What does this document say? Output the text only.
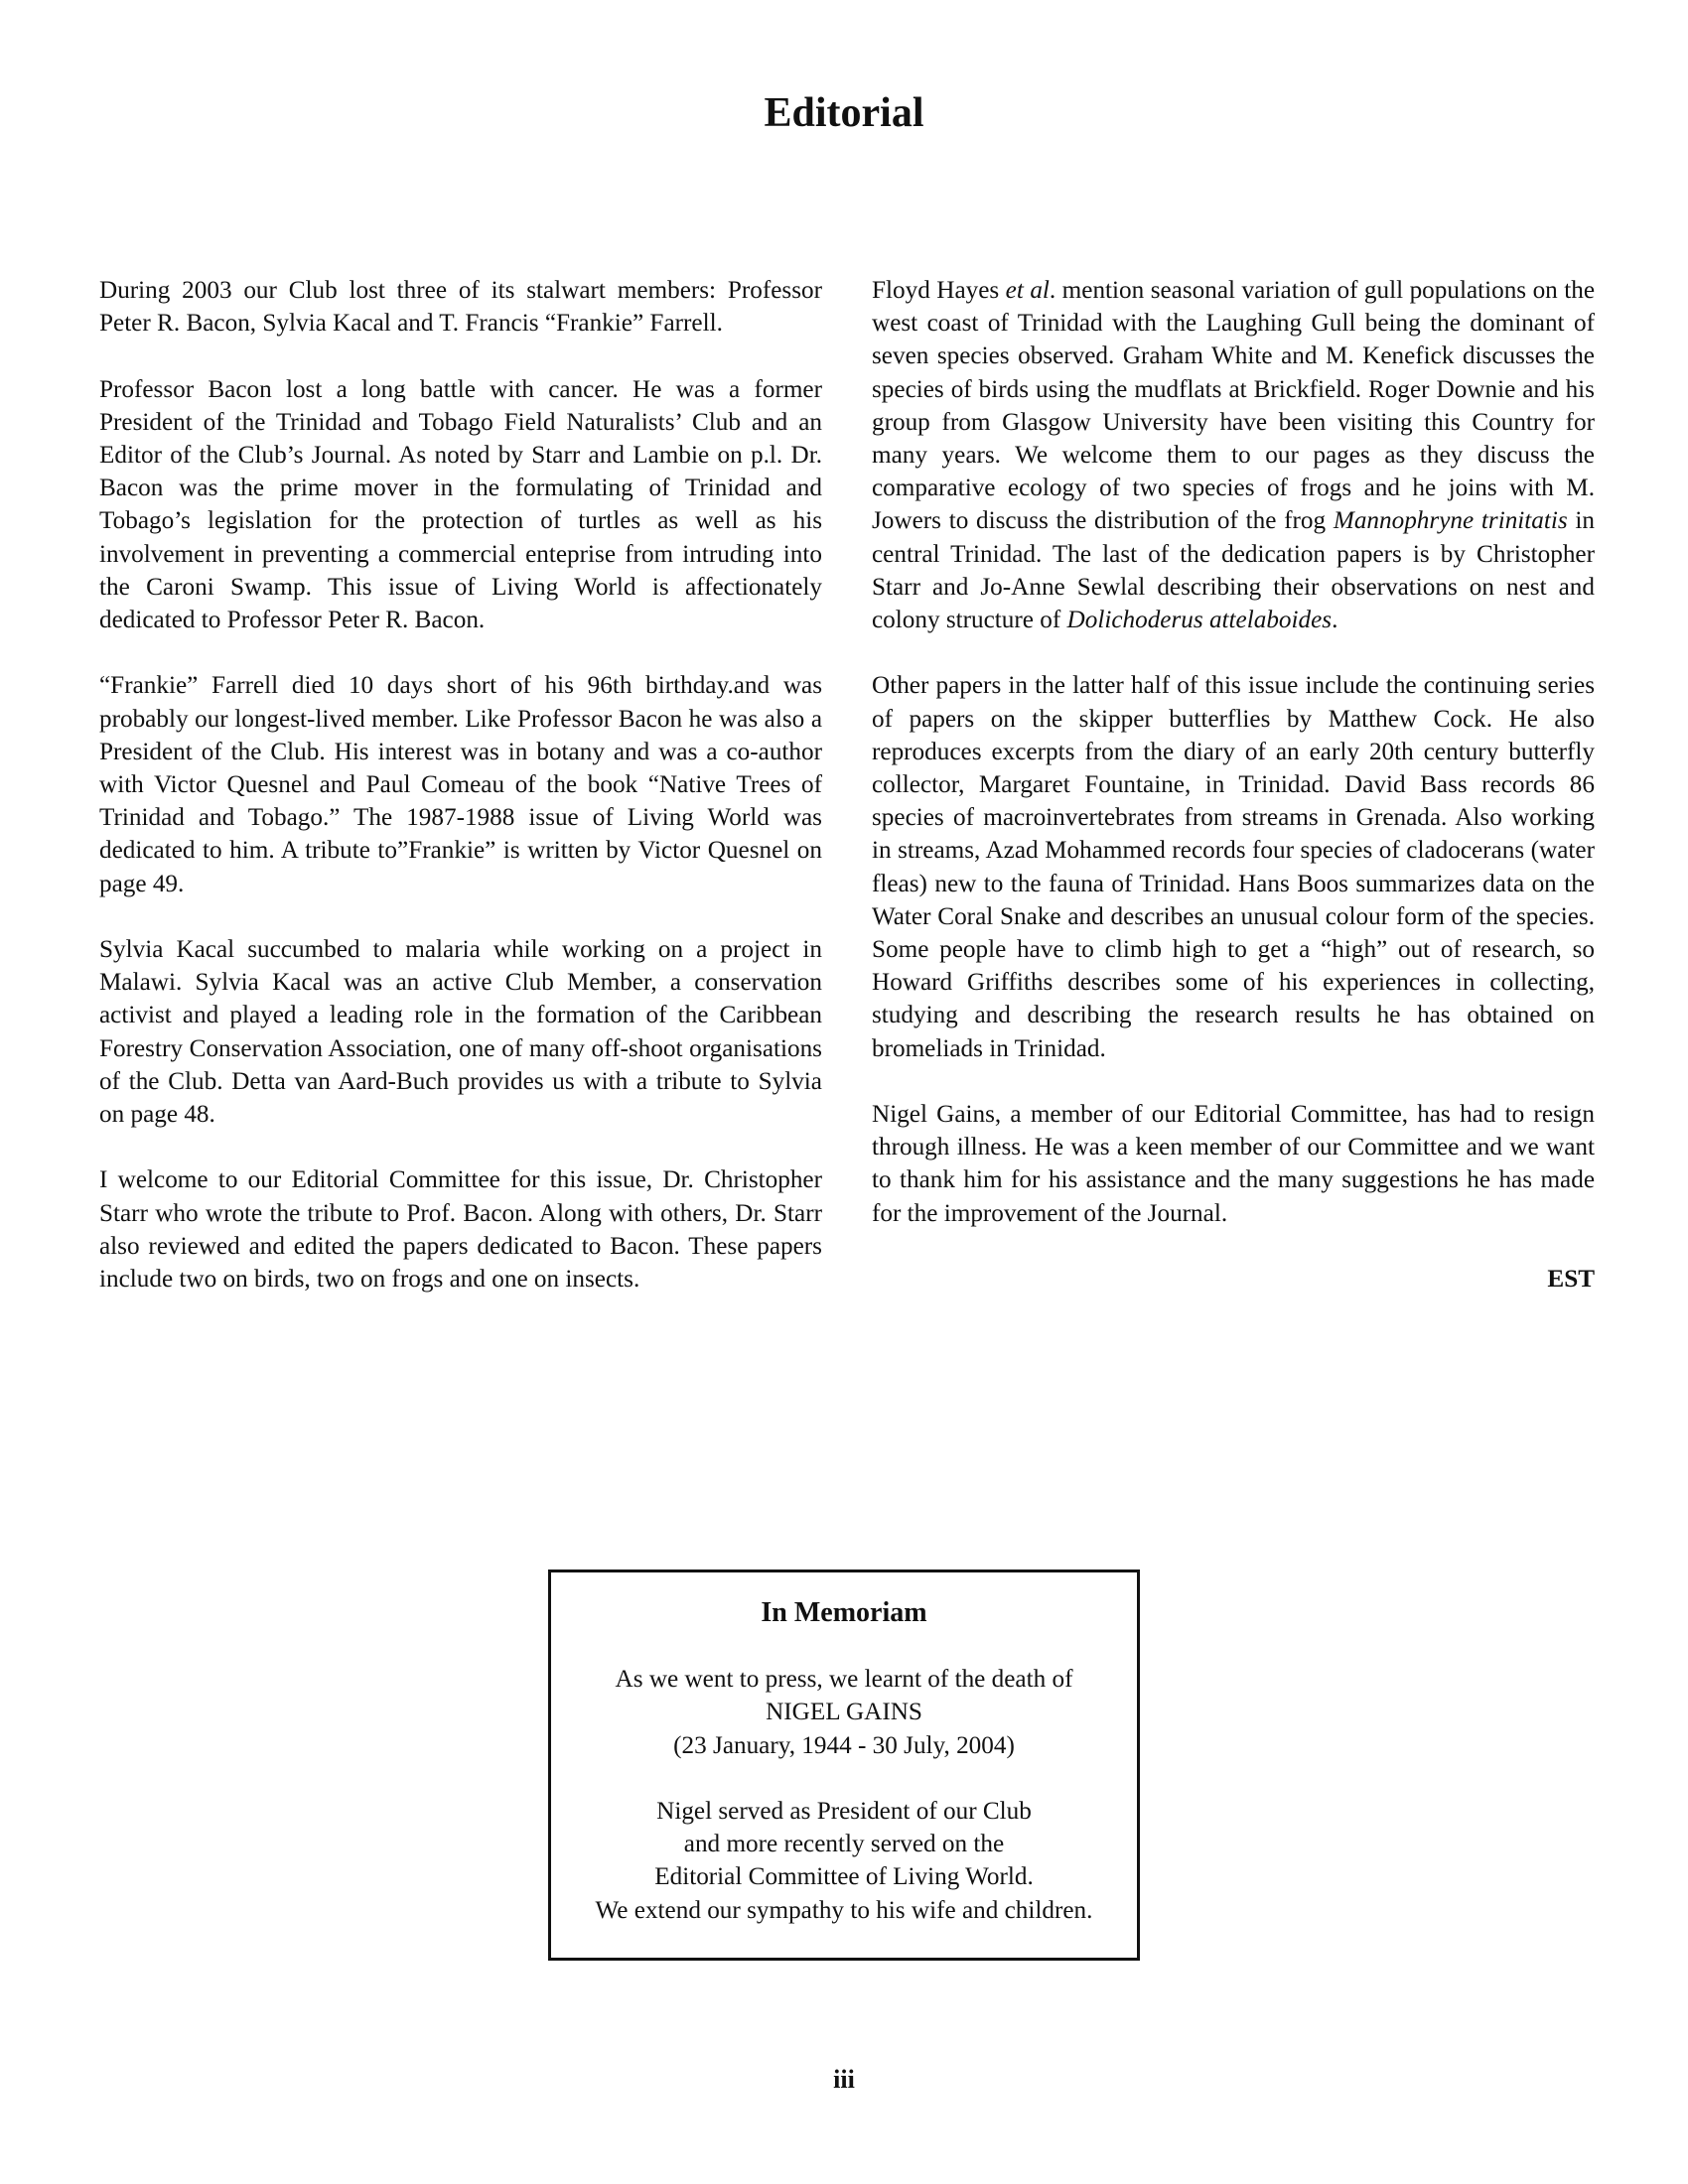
Editorial

During 2003 our Club lost three of its stalwart members: Professor Peter R. Bacon, Sylvia Kacal and T. Francis “Frankie” Farrell.

Professor Bacon lost a long battle with cancer. He was a former President of the Trinidad and Tobago Field Naturalists’ Club and an Editor of the Club’s Journal. As noted by Starr and Lambie on p.l. Dr. Bacon was the prime mover in the formulating of Trinidad and Tobago’s legislation for the protection of turtles as well as his involvement in preventing a commercial enteprise from intruding into the Caroni Swamp. This issue of Living World is affectionately dedicated to Professor Peter R. Bacon.

“Frankie” Farrell died 10 days short of his 96th birthday.and was probably our longest-lived member. Like Professor Bacon he was also a President of the Club. His interest was in botany and was a co-author with Victor Quesnel and Paul Comeau of the book “Native Trees of Trinidad and Tobago.” The 1987-1988 issue of Living World was dedicated to him. A tribute to”Frankie” is written by Victor Quesnel on page 49.

Sylvia Kacal succumbed to malaria while working on a project in Malawi. Sylvia Kacal was an active Club Member, a conservation activist and played a leading role in the formation of the Caribbean Forestry Conservation Association, one of many off-shoot organisations of the Club. Detta van Aard-Buch provides us with a tribute to Sylvia on page 48.

I welcome to our Editorial Committee for this issue, Dr. Christopher Starr who wrote the tribute to Prof. Bacon. Along with others, Dr. Starr also reviewed and edited the papers dedicated to Bacon. These papers include two on birds, two on frogs and one on insects.

Floyd Hayes et al. mention seasonal variation of gull populations on the west coast of Trinidad with the Laughing Gull being the dominant of seven species observed. Graham White and M. Kenefick discusses the species of birds using the mudflats at Brickfield. Roger Downie and his group from Glasgow University have been visiting this Country for many years. We welcome them to our pages as they discuss the comparative ecology of two species of frogs and he joins with M. Jowers to discuss the distribution of the frog Mannophryne trinitatis in central Trinidad. The last of the dedication papers is by Christopher Starr and Jo-Anne Sewlal describing their observations on nest and colony structure of Dolichoderus attelaboides.

Other papers in the latter half of this issue include the continuing series of papers on the skipper butterflies by Matthew Cock. He also reproduces excerpts from the diary of an early 20th century butterfly collector, Margaret Fountaine, in Trinidad. David Bass records 86 species of macroinvertebrates from streams in Grenada. Also working in streams, Azad Mohammed records four species of cladocerans (water fleas) new to the fauna of Trinidad. Hans Boos summarizes data on the Water Coral Snake and describes an unusual colour form of the species. Some people have to climb high to get a “high” out of research, so Howard Griffiths describes some of his experiences in collecting, studying and describing the research results he has obtained on bromeliads in Trinidad.

Nigel Gains, a member of our Editorial Committee, has had to resign through illness. He was a keen member of our Committee and we want to thank him for his assistance and the many suggestions he has made for the improvement of the Journal.

EST

In Memoriam

As we went to press, we learnt of the death of
NIGEL GAINS
(23 January, 1944 - 30 July, 2004)

Nigel served as President of our Club
and more recently served on the
Editorial Committee of Living World.
We extend our sympathy to his wife and children.

iii
